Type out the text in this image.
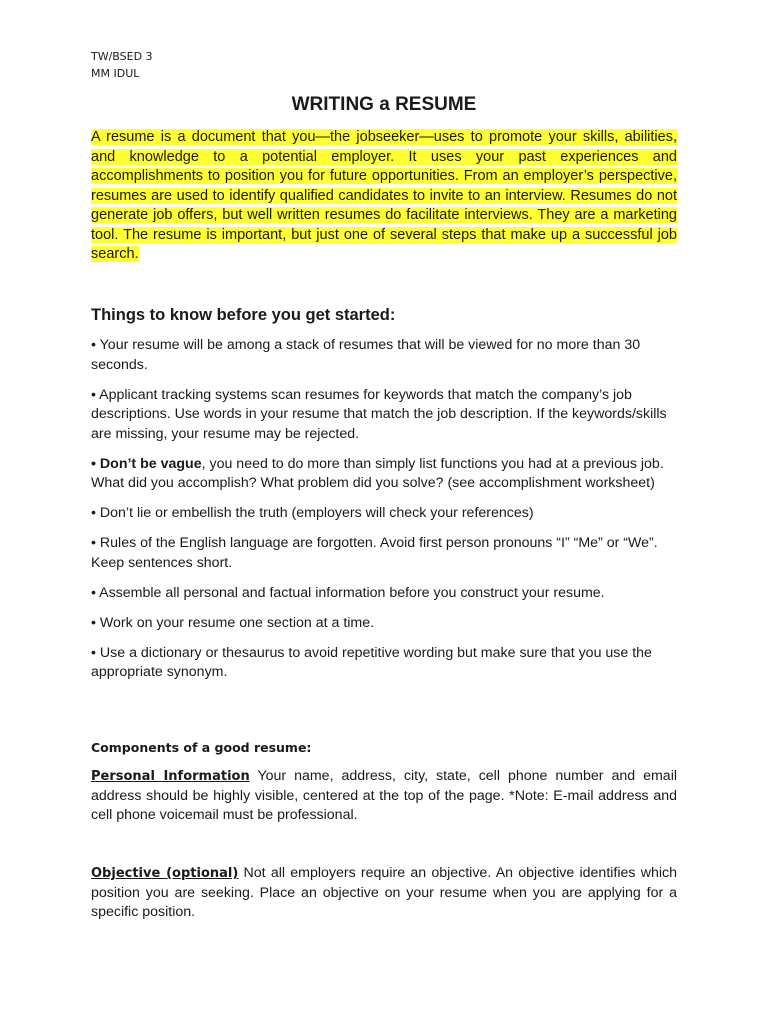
TW/BSED 3
MM IDUL
WRITING a RESUME
A resume is a document that you—the jobseeker—uses to promote your skills, abilities, and knowledge to a potential employer. It uses your past experiences and accomplishments to position you for future opportunities. From an employer’s perspective, resumes are used to identify qualified candidates to invite to an interview. Resumes do not generate job offers, but well written resumes do facilitate interviews. They are a marketing tool. The resume is important, but just one of several steps that make up a successful job search.
Things to know before you get started:
• Your resume will be among a stack of resumes that will be viewed for no more than 30 seconds.
• Applicant tracking systems scan resumes for keywords that match the company’s job descriptions. Use words in your resume that match the job description. If the keywords/skills are missing, your resume may be rejected.
• Don’t be vague, you need to do more than simply list functions you had at a previous job. What did you accomplish? What problem did you solve? (see accomplishment worksheet)
• Don’t lie or embellish the truth (employers will check your references)
• Rules of the English language are forgotten. Avoid first person pronouns “I” “Me” or “We”. Keep sentences short.
• Assemble all personal and factual information before you construct your resume.
• Work on your resume one section at a time.
• Use a dictionary or thesaurus to avoid repetitive wording but make sure that you use the appropriate synonym.
Components of a good resume:
Personal Information Your name, address, city, state, cell phone number and email address should be highly visible, centered at the top of the page. *Note: E-mail address and cell phone voicemail must be professional.
Objective (optional) Not all employers require an objective. An objective identifies which position you are seeking. Place an objective on your resume when you are applying for a specific position.
